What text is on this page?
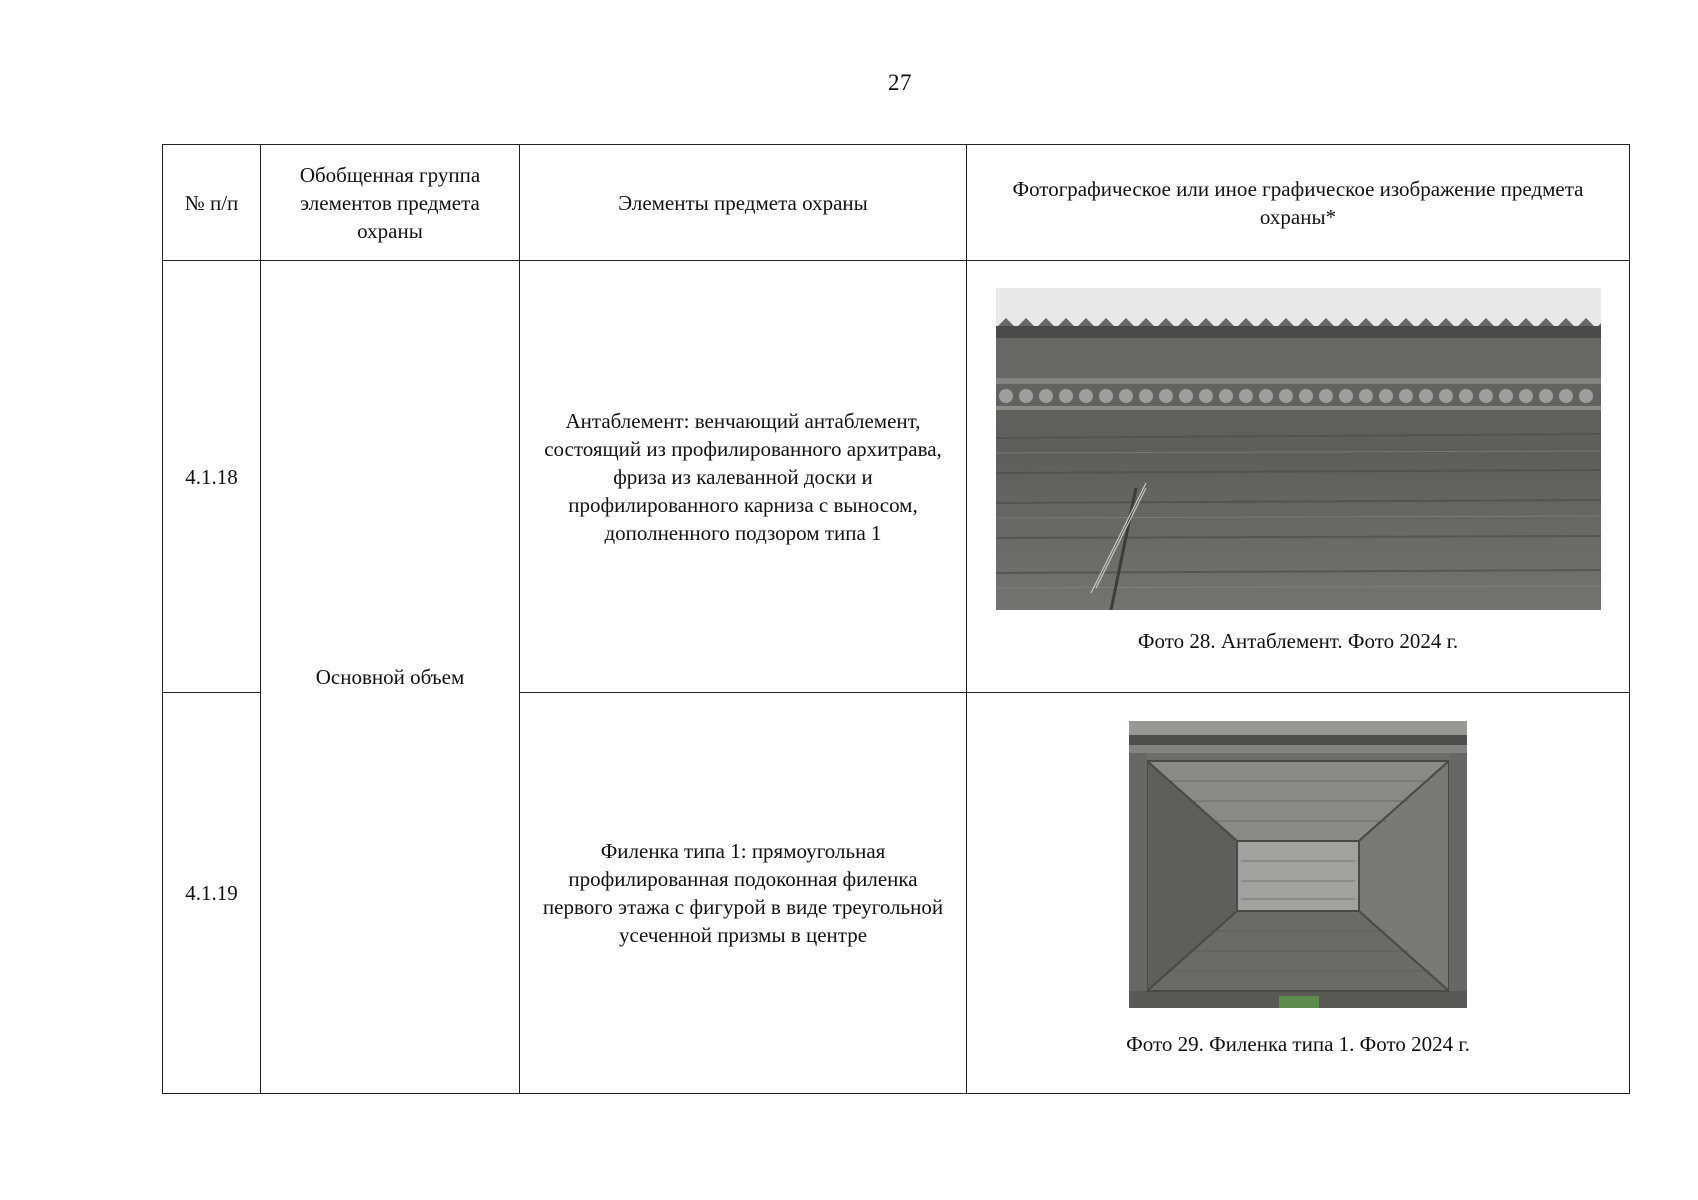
27
№ п/п	Обобщенная группа элементов предмета охраны	Элементы предмета охраны	Фотографическое или иное графическое изображение предмета охраны*
4.1.18	Основной объем	Антаблемент: венчающий антаблемент, состоящий из профилированного архитрава, фриза из калеванной доски и профилированного карниза с выносом, дополненного подзором типа 1	Фото 28. Антаблемент. Фото 2024 г.

4.1.19		Филенка типа 1: прямоугольная профилированная подоконная филенка первого этажа с фигурой в виде треугольной усеченной призмы в центре	Фото 29. Филенка типа 1. Фото 2024 г.
